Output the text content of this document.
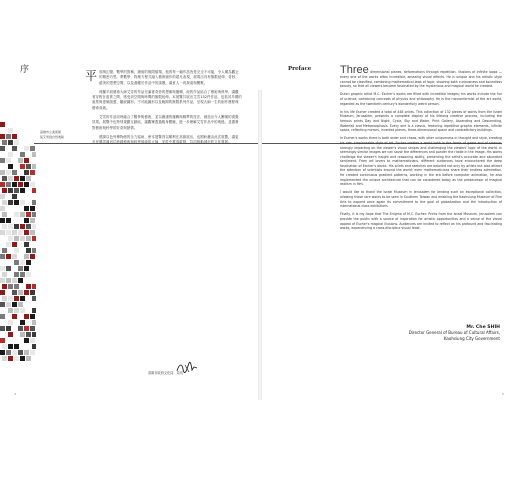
高雄市立美術館
從艾雪到自然奧秘
序	平面與幻覺、數學的對稱、鏡射的無限循環，他的每一幅作品皆是完全不可能，令人嘆為觀止的精密巧思，將數學、物理方程式融入藝術創作的超凡表現，展現出具有無限延伸、奇妙、絕美的思想空間，以及潛藏於作品中的謎題，讓世人一再探索與驚歎。

荷蘭平面藝術大師艾雪的作品充滿著奇妙的想像與邏輯，他的作品結合了藝術與科學，讓觀者穿梭在虛實之間，感受到空間與時間的無限延伸。本展覽共展出艾雪132件作品，包括其早期的風景與建築版畫、鑲嵌圖形、不可能圖形以及晚期的無限系列作品，呈現大師一生的創作歷程與藝術成就。

艾雪的作品同時融合了數學與藝術，並以嚴謹的邏輯與精準的技法，創造出令人驚嘆的視覺效果。展覽中也特別規劃互動區，讓觀眾透過親身體驗，進一步理解艾雪作品中的奧秘，並激發對藝術與科學的好奇與熱情。

感謝以色列博物館的全力協助，使本展覽得以順利在高雄展出，也期盼藉由此次展覽，讓更多民眾認識這位跨越藝術與科學領域的大師，並從中獲得啟發，共同推動城市的文化發展。

高雄市政府文化局　局長
Preface	Three dimensional planes, deformations through repetition, illusions of infinite loops — every one of the works often incredible, amazing visual effects. He is unique and his artistic style cannot be classified, combining mathematical laws of logic, showing both curiousness and boundless beauty, so that all viewers become fascinated by the mysterious and magical world he created.

Dutch graphic artist M.C. Escher's works are filled with incredible images; his works include the fun of science, combining concepts of physics and philosophy. He is the nonconformist of the art world, regarded as the twentieth century's wonderfully weird person.

In his life Escher created a total of 448 prints. This collection of 132 pieces of works from the Israel Museum, Jerusalem, presents a complete display of his lifelong creative process, including the famous prints Day and Night, Cycle, Sky and Water, Print Gallery, Ascending and Descending, Waterfall and Metamorphosis. Every one is a classic, featuring repetitive graphic elements, infinite space, reflecting mirrors, inverted planes, three-dimensional space and contradictory buildings.

In Escher's works there is both order and chaos, with utter uniqueness in thought and style, creating his own irreplaceable style of art. Escher creates a world both in the forms of game and of science, strongly impacting on the viewer's visual senses and challenging the viewers' logic of the world. In seemingly similar images we can savor the differences and ponder the riddle in the image. His works challenge the viewer's insight and reasoning ability, presenting the artist's accurate and abundant sentiment. From art lovers to mathematicians, different audiences have encountered the deep fascination of Escher's works. His prints and sketches are beloved not only by artists but also attract the attention of scientists around the world; even mathematicians share their endless admiration. He created continuous gradient patterns, working in the era before computer animation, he also implemented the unique architecture that can be considered today as the predecessor of magical realism in film.

I would like to thank the Israel Museum in Jerusalem for lending such an exceptional collection, allowing these rare works to be seen in Southern Taiwan and enabling the Kaohsiung Museum of Fine Arts to expand once again its commitment to the goal of globalization and the introduction of international-class exhibitions.

Finally, it is my hope that The Enigma of M.C. Escher: Prints from the Israel Museum, Jerusalem can provide the public with a source of inspiration for artistic opportunities and a sense of the visual appeal of Escher's magical illusions. Audiences are invited to reflect on his profound and fascinating works, experiencing a cross-discipline visual feast.

Mr. Che SHIH
Director General of Bureau of Cultural Affairs,
Kaohsiung City Government
4	5
